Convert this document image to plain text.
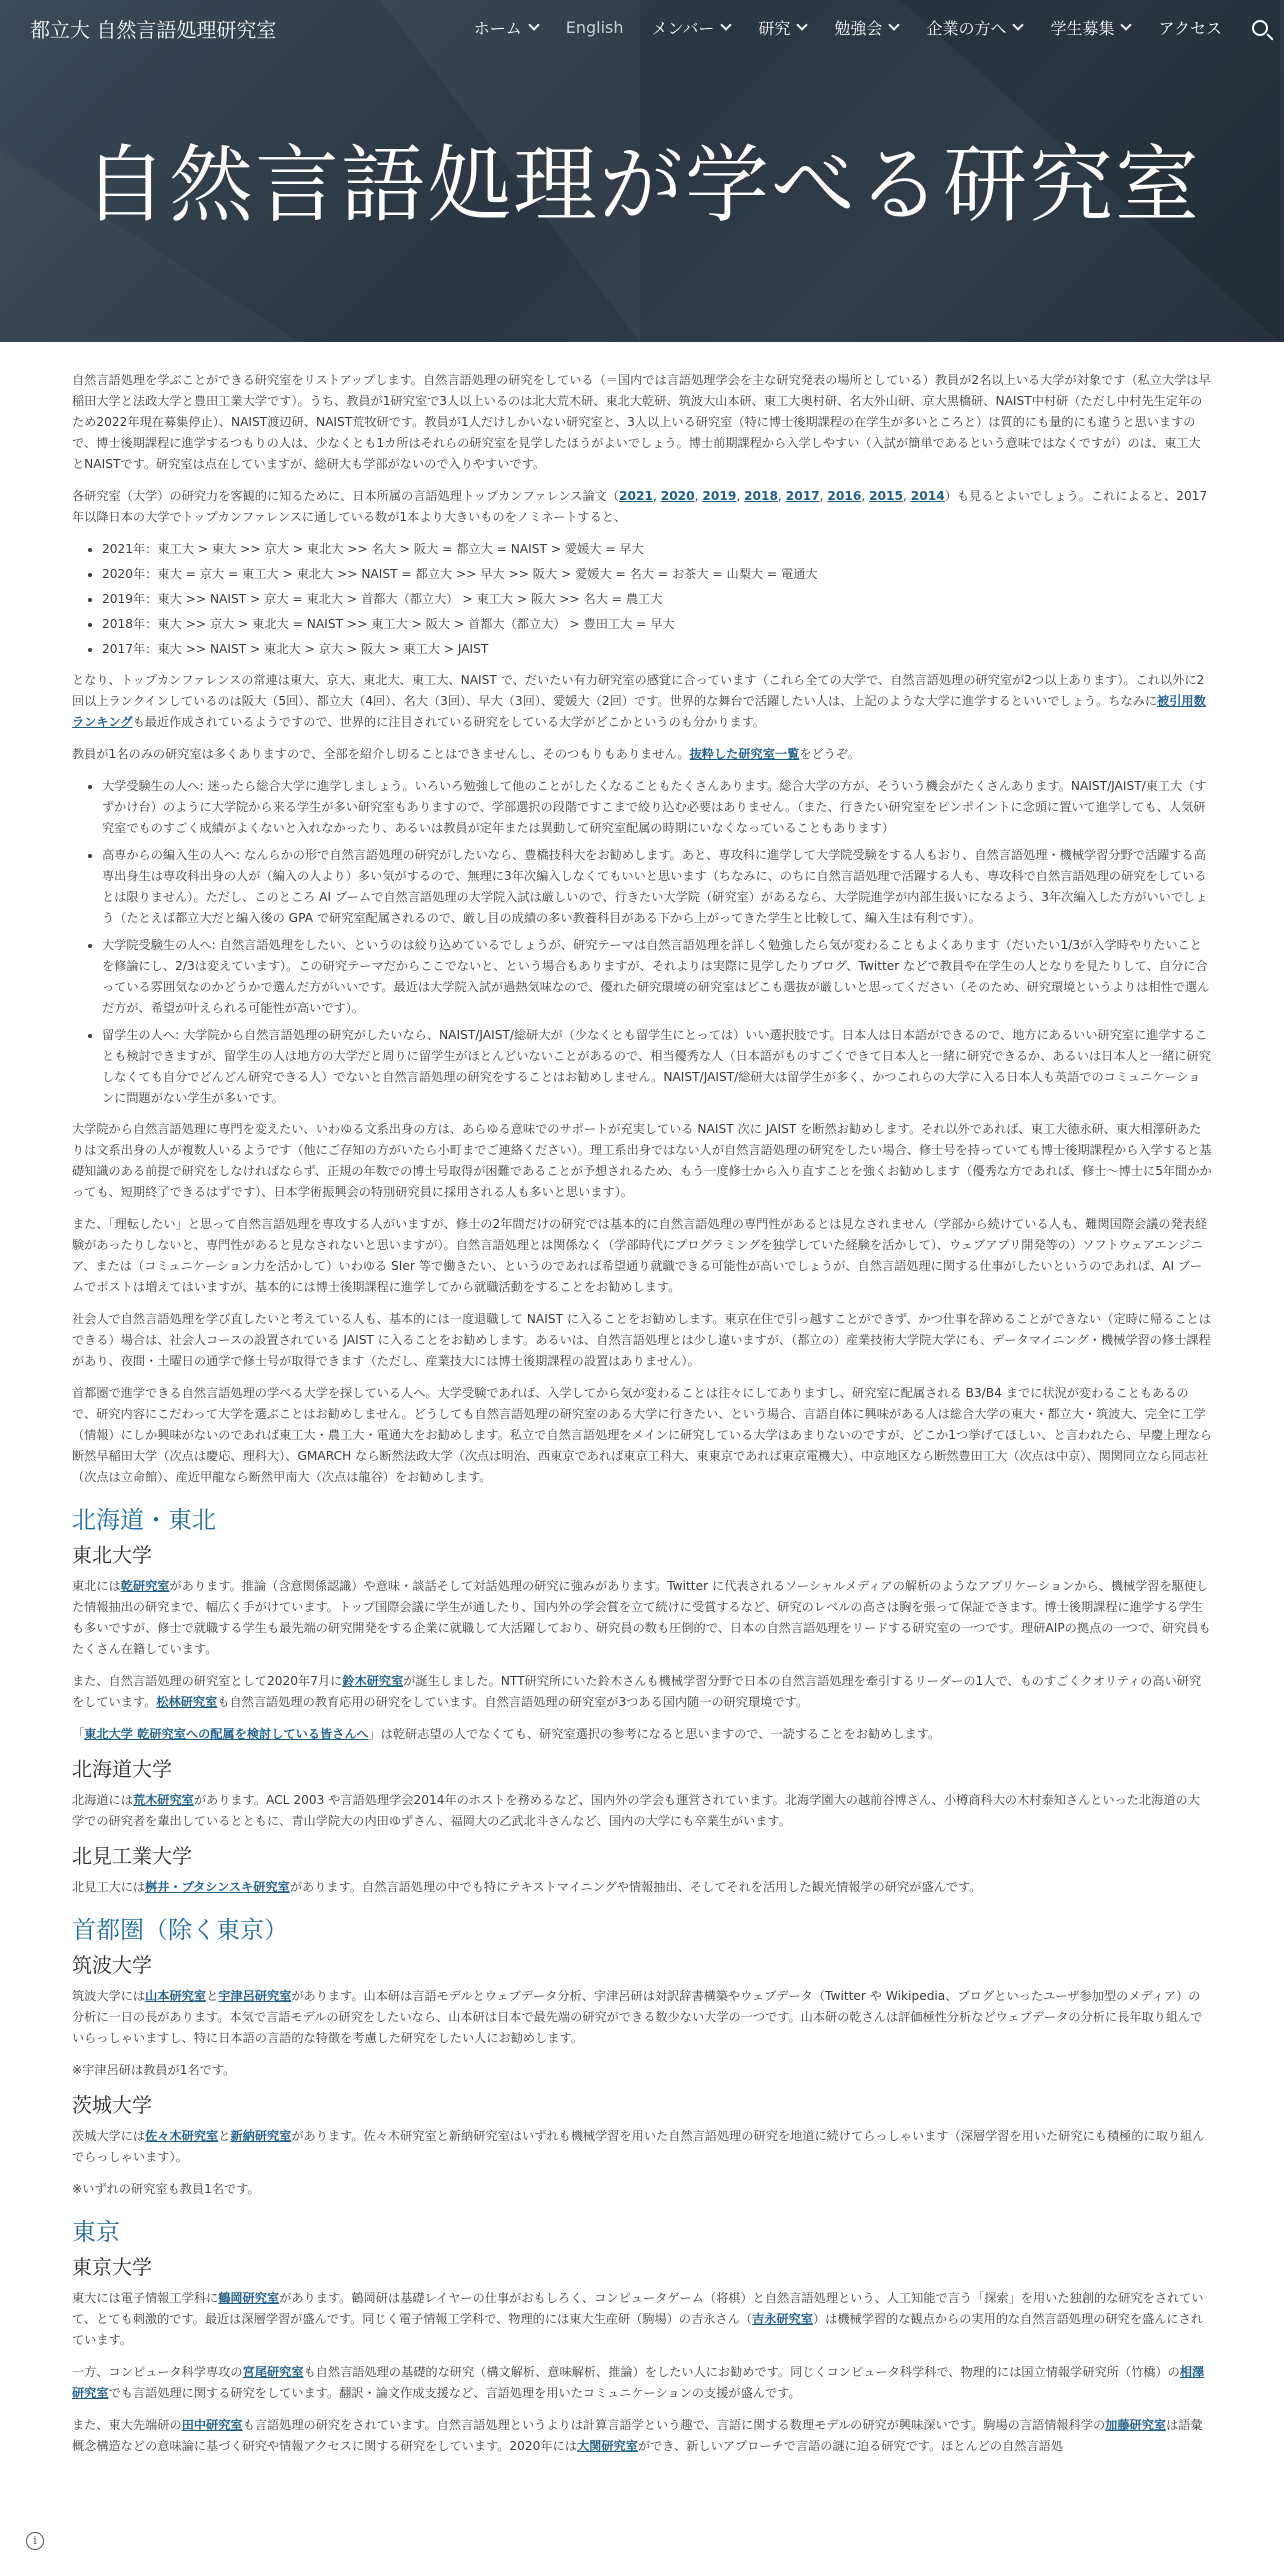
都立大 自然言語処理研究室	ホーム	English メンバー	研究	勉強会	企業の方へ	学生募集	アクセス
自然言語処理が学べる研究室

自然言語処理を学ぶことができる研究室をリストアップします。自然言語処理の研究をしている（＝国内では言語処理学会を主な研究発表の場所としている）教員が2名以上いる大学が対象です（私立大学は早稲田大学と法政大学と豊田工業大学です）。うち、教員が1研究室で3人以上いるのは北大荒木研、東北大乾研、筑波大山本研、東工大奥村研、名大外山研、京大黒橋研、NAIST中村研（ただし中村先生定年のため2022年現在募集停止）、NAIST渡辺研、NAIST荒牧研です。教員が1人だけしかいない研究室と、3人以上いる研究室（特に博士後期課程の在学生が多いところと）は質的にも量的にも違うと思いますので、博士後期課程に進学するつもりの人は、少なくとも1カ所はそれらの研究室を見学したほうがよいでしょう。博士前期課程から入学しやすい（入試が簡単であるという意味ではなくですが）のは、東工大とNAISTです。研究室は点在していますが、総研大も学部がないので入りやすいです。

各研究室（大学）の研究力を客観的に知るために、日本所属の言語処理トップカンファレンス論文（2021, 2020, 2019, 2018, 2017, 2016, 2015, 2014）も見るとよいでしょう。これによると、2017年以降日本の大学でトップカンファレンスに通している数が1本より大きいものをノミネートすると、

• 2021年：東工大 > 東大 >> 京大 > 東北大 >> 名大 > 阪大 = 都立大 = NAIST > 愛媛大 = 早大
• 2020年：東大 = 京大 = 東工大 > 東北大 >> NAIST = 都立大 >> 早大 >> 阪大 > 愛媛大 = 名大 = お茶大 = 山梨大 = 電通大
• 2019年：東大 >> NAIST > 京大 = 東北大 > 首都大（都立大） > 東工大 > 阪大 >> 名大 = 農工大
• 2018年：東大 >> 京大 > 東北大 = NAIST >> 東工大 > 阪大 > 首都大（都立大） > 豊田工大 = 早大
• 2017年：東大 >> NAIST > 東北大 > 京大 > 阪大 > 東工大 > JAIST

となり、トップカンファレンスの常連は東大、京大、東北大、東工大、NAIST で、だいたい有力研究室の感覚に合っています（これら全ての大学で、自然言語処理の研究室が2つ以上あります）。これ以外に2回以上ランクインしているのは阪大（5回）、都立大（4回）、名大（3回）、早大（3回）、愛媛大（2回）です。世界的な舞台で活躍したい人は、上記のような大学に進学するといいでしょう。ちなみに被引用数ランキングも最近作成されているようですので、世界的に注目されている研究をしている大学がどこかというのも分かります。

教員が1名のみの研究室は多くありますので、全部を紹介し切ることはできませんし、そのつもりもありません。抜粋した研究室一覧をどうぞ。

• 大学受験生の人へ: 迷ったら総合大学に進学しましょう。いろいろ勉強して他のことがしたくなることもたくさんあります。総合大学の方が、そういう機会がたくさんあります。NAIST/JAIST/東工大（すずかけ台）のように大学院から来る学生が多い研究室もありますので、学部選択の段階ですこまで絞り込む必要はありません。（また、行きたい研究室をピンポイントに念頭に置いて進学しても、人気研究室でものすごく成績がよくないと入れなかったり、あるいは教員が定年または異動して研究室配属の時期にいなくなっていることもあります）
• 高専からの編入生の人へ: なんらかの形で自然言語処理の研究がしたいなら、豊橋技科大をお勧めします。あと、専攻科に進学して大学院受験をする人もおり、自然言語処理・機械学習分野で活躍する高専出身生は専攻科出身の人が（編入の人より）多い気がするので、無理に3年次編入しなくてもいいと思います（ちなみに、のちに自然言語処理で活躍する人も、専攻科で自然言語処理の研究をしているとは限りません）。ただし、このところ AI ブームで自然言語処理の大学院入試は厳しいので、行きたい大学院（研究室）があるなら、大学院進学が内部生扱いになるよう、3年次編入した方がいいでしょう（たとえば都立大だと編入後の GPA で研究室配属されるので、厳し目の成績の多い教養科目がある下から上がってきた学生と比較して、編入生は有利です）。
• 大学院受験生の人へ: 自然言語処理をしたい、というのは絞り込めているでしょうが、研究テーマは自然言語処理を詳しく勉強したら気が変わることもよくあります（だいたい1/3が入学時やりたいことを修論にし、2/3は変えています）。この研究テーマだからここでないと、という場合もありますが、それよりは実際に見学したりブログ、Twitter などで教員や在学生の人となりを見たりして、自分に合っている雰囲気なのかどうかで選んだ方がいいです。最近は大学院入試が過熱気味なので、優れた研究環境の研究室はどこも選抜が厳しいと思ってください（そのため、研究環境というよりは相性で選んだ方が、希望が叶えられる可能性が高いです）。
• 留学生の人へ: 大学院から自然言語処理の研究がしたいなら、NAIST/JAIST/総研大が（少なくとも留学生にとっては）いい選択肢です。日本人は日本語ができるので、地方にあるいい研究室に進学することも検討できますが、留学生の人は地方の大学だと周りに留学生がほとんどいないことがあるので、相当優秀な人（日本語がものすごくできて日本人と一緒に研究できるか、あるいは日本人と一緒に研究しなくても自分でどんどん研究できる人）でないと自然言語処理の研究をすることはお勧めしません。NAIST/JAIST/総研大は留学生が多く、かつこれらの大学に入る日本人も英語でのコミュニケーションに問題がない学生が多いです。

大学院から自然言語処理に専門を変えたい、いわゆる文系出身の方は、あらゆる意味でのサポートが充実している NAIST 次に JAIST を断然お勧めします。それ以外であれば、東工大徳永研、東大相澤研あたりは文系出身の人が複数人いるようです（他にご存知の方がいたら小町までご連絡ください）。理工系出身ではない人が自然言語処理の研究をしたい場合、修士号を持っていても博士後期課程から入学すると基礎知識のある前提で研究をしなければならず、正規の年数での博士号取得が困難であることが予想されるため、もう一度修士から入り直すことを強くお勧めします（優秀な方であれば、修士〜博士に5年間かかっても、短期終了できるはずです）、日本学術振興会の特別研究員に採用される人も多いと思います）。

また、「理転したい」と思って自然言語処理を専攻する人がいますが、修士の2年間だけの研究では基本的に自然言語処理の専門性があるとは見なされません（学部から続けている人も、難関国際会議の発表経験があったりしないと、専門性があると見なされないと思いますが）。自然言語処理とは関係なく（学部時代にプログラミングを独学していた経験を活かして）、ウェブアプリ開発等の）ソフトウェアエンジニア、または（コミュニケーション力を活かして）いわゆる SIer 等で働きたい、というのであれば希望通り就職できる可能性が高いでしょうが、自然言語処理に関する仕事がしたいというのであれば、AI ブームでポストは増えてはいますが、基本的には博士後期課程に進学してから就職活動をすることをお勧めします。

社会人で自然言語処理を学び直したいと考えている人も、基本的には一度退職して NAIST に入ることをお勧めします。東京在住で引っ越すことができず、かつ仕事を辞めることができない（定時に帰ることはできる）場合は、社会人コースの設置されている JAIST に入ることをお勧めします。あるいは、自然言語処理とは少し違いますが、（都立の）産業技術大学院大学にも、データマイニング・機械学習の修士課程があり、夜間・土曜日の通学で修士号が取得できます（ただし、産業技大には博士後期課程の設置はありません）。

首都圏で進学できる自然言語処理の学べる大学を探している人へ。大学受験であれば、入学してから気が変わることは往々にしてありますし、研究室に配属される B3/B4 までに状況が変わることもあるので、研究内容にこだわって大学を選ぶことはお勧めしません。どうしても自然言語処理の研究室のある大学に行きたい、という場合、言語自体に興味がある人は総合大学の東大・都立大・筑波大、完全に工学（情報）にしか興味がないのであれば東工大・農工大・電通大をお勧めします。私立で自然言語処理をメインに研究している大学はあまりないのですが、どこか1つ挙げてほしい、と言われたら、早慶上理なら断然早稲田大学（次点は慶応、理科大）、GMARCH なら断然法政大学（次点は明治、西東京であれば東京工科大、東東京であれば東京電機大）、中京地区なら断然豊田工大（次点は中京）、関関同立なら同志社（次点は立命館）、産近甲龍なら断然甲南大（次点は龍谷）をお勧めします。

北海道・東北
東北大学

東北には乾研究室があります。推論（含意関係認識）や意味・談話そして対話処理の研究に強みがあります。Twitter に代表されるソーシャルメディアの解析のようなアプリケーションから、機械学習を駆使した情報抽出の研究まで、幅広く手がけています。トップ国際会議に学生が通したり、国内外の学会賞を立て続けに受賞するなど、研究のレベルの高さは胸を張って保証できます。博士後期課程に進学する学生も多いですが、修士で就職する学生も最先端の研究開発をする企業に就職して大活躍しており、研究員の数も圧倒的で、日本の自然言語処理をリードする研究室の一つです。理研AIPの拠点の一つで、研究員もたくさん在籍しています。

また、自然言語処理の研究室として2020年7月に鈴木研究室が誕生しました。NTT研究所にいた鈴木さんも機械学習分野で日本の自然言語処理を牽引するリーダーの1人で、ものすごくクオリティの高い研究をしています。松林研究室も自然言語処理の教育応用の研究をしています。自然言語処理の研究室が3つある国内随一の研究環境です。

「東北大学 乾研究室への配属を検討している皆さんへ」は乾研志望の人でなくても、研究室選択の参考になると思いますので、一読することをお勧めします。

北海道大学

北海道には荒木研究室があります。ACL 2003 や言語処理学会2014年のホストを務めるなど、国内外の学会も運営されています。北海学園大の越前谷博さん、小樽商科大の木村泰知さんといった北海道の大学での研究者を輩出しているとともに、青山学院大の内田ゆずさん、福岡大の乙武北斗さんなど、国内の大学にも卒業生がいます。

北見工業大学

北見工大には桝井・プタシンスキ研究室があります。自然言語処理の中でも特にテキストマイニングや情報抽出、そしてそれを活用した観光情報学の研究が盛んです。

首都圏（除く東京）
筑波大学

筑波大学には山本研究室と宇津呂研究室があります。山本研は言語モデルとウェブデータ分析、宇津呂研は対訳辞書構築やウェブデータ（Twitter や Wikipedia、ブログといったユーザ参加型のメディア）の分析に一日の長があります。本気で言語モデルの研究をしたいなら、山本研は日本で最先端の研究ができる数少ない大学の一つです。山本研の乾さんは評価極性分析などウェブデータの分析に長年取り組んでいらっしゃいますし、特に日本語の言語的な特徴を考慮した研究をしたい人にお勧めします。

※宇津呂研は教員が1名です。

茨城大学

茨城大学には佐々木研究室と新納研究室があります。佐々木研究室と新納研究室はいずれも機械学習を用いた自然言語処理の研究を地道に続けてらっしゃいます（深層学習を用いた研究にも積極的に取り組んでらっしゃいます）。

※いずれの研究室も教員1名です。

東京
東京大学

東大には電子情報工学科に鶴岡研究室があります。鶴岡研は基礎レイヤーの仕事がおもしろく、コンピュータゲーム（将棋）と自然言語処理という、人工知能で言う「探索」を用いた独創的な研究をされていて、とても刺激的です。最近は深層学習が盛んです。同じく電子情報工学科で、物理的には東大生産研（駒場）の吉永さん（吉永研究室）は機械学習的な観点からの実用的な自然言語処理の研究を盛んにされています。

一方、コンピュータ科学専攻の宮尾研究室も自然言語処理の基礎的な研究（構文解析、意味解析、推論）をしたい人にお勧めです。同じくコンピュータ科学科で、物理的には国立情報学研究所（竹橋）の相澤研究室でも言語処理に関する研究をしています。翻訳・論文作成支援など、言語処理を用いたコミュニケーションの支援が盛んです。

また、東大先端研の田中研究室も言語処理の研究をされています。自然言語処理というよりは計算言語学という趣で、言語に関する数理モデルの研究が興味深いです。駒場の言語情報科学の加藤研究室は語彙概念構造などの意味論に基づく研究や情報アクセスに関する研究をしています。2020年には大関研究室ができ、新しいアプローチで言語の謎に迫る研究です。ほとんどの自然言語処

i
